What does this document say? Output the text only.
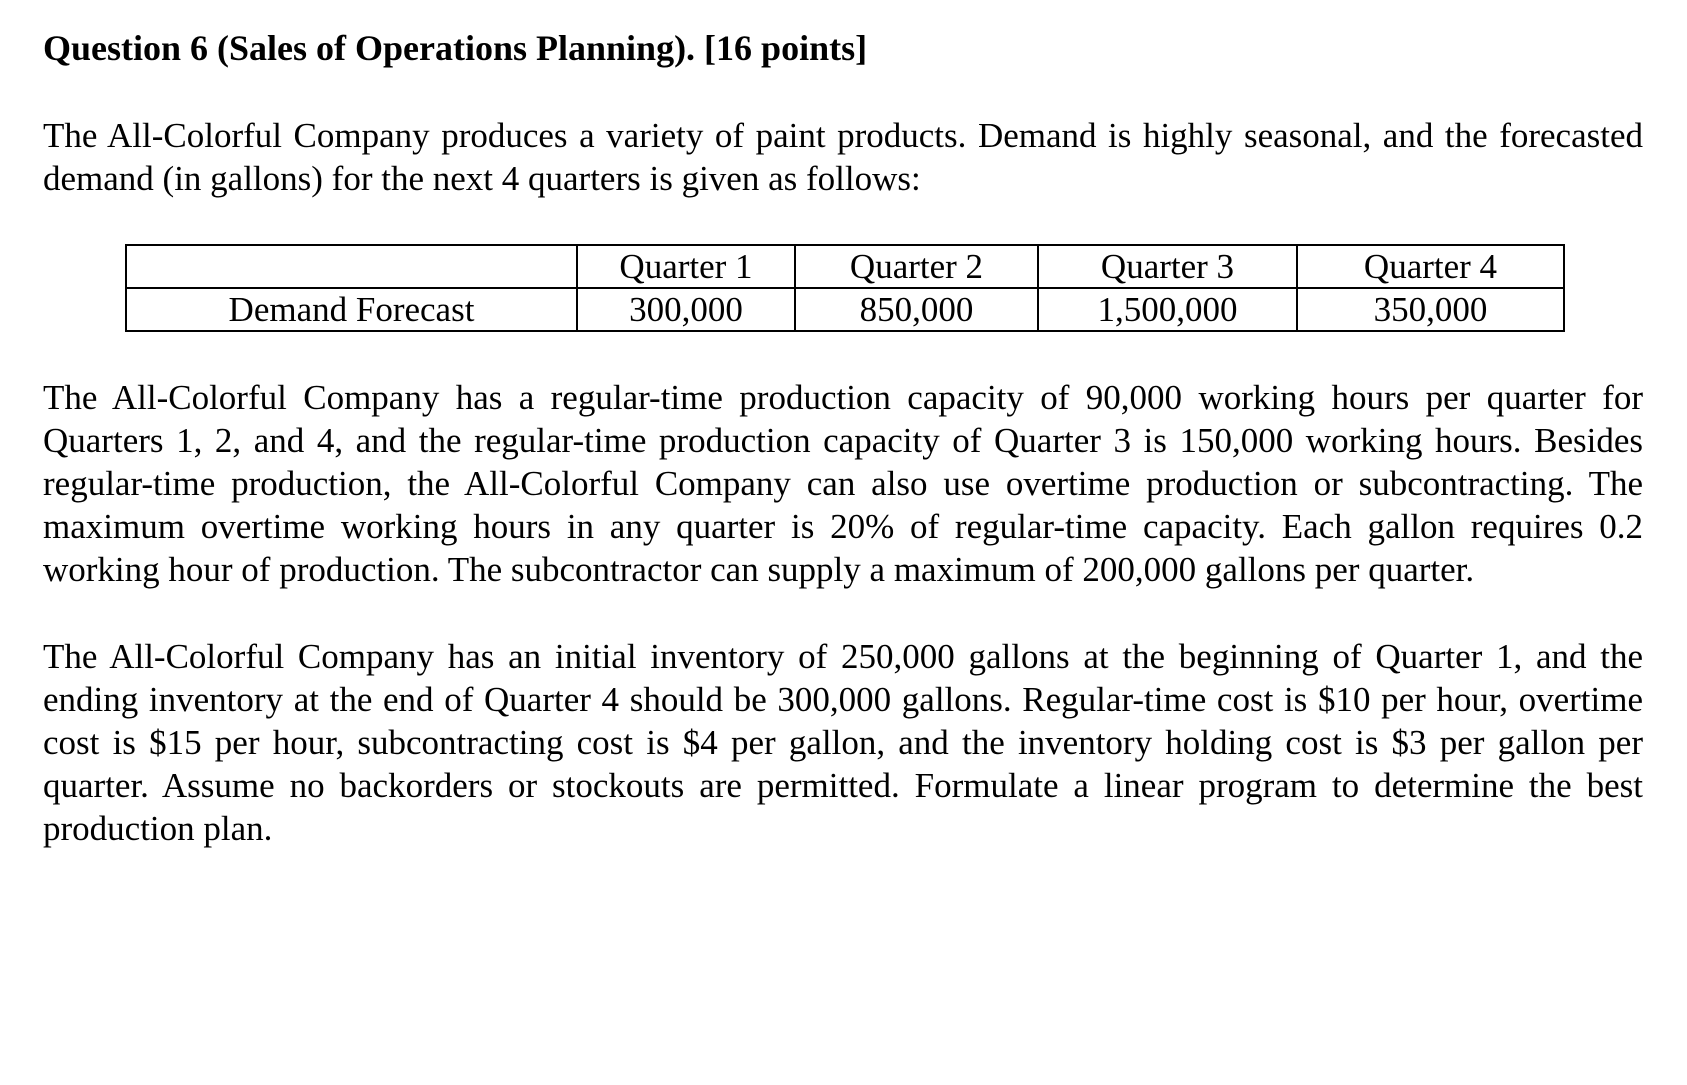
Question 6 (Sales of Operations Planning). [16 points]

The All-Colorful Company produces a variety of paint products. Demand is highly seasonal, and the forecasted demand (in gallons) for the next 4 quarters is given as follows:

	Quarter 1	Quarter 2	Quarter 3	Quarter 4
Demand Forecast	300,000	850,000	1,500,000	350,000

The All-Colorful Company has a regular-time production capacity of 90,000 working hours per quarter for Quarters 1, 2, and 4, and the regular-time production capacity of Quarter 3 is 150,000 working hours. Besides regular-time production, the All-Colorful Company can also use overtime production or subcontracting. The maximum overtime working hours in any quarter is 20% of regular-time capacity. Each gallon requires 0.2 working hour of production. The subcontractor can supply a maximum of 200,000 gallons per quarter.

The All-Colorful Company has an initial inventory of 250,000 gallons at the beginning of Quarter 1, and the ending inventory at the end of Quarter 4 should be 300,000 gallons. Regular-time cost is $10 per hour, overtime cost is $15 per hour, subcontracting cost is $4 per gallon, and the inventory holding cost is $3 per gallon per quarter. Assume no backorders or stockouts are permitted. Formulate a linear program to determine the best production plan.
